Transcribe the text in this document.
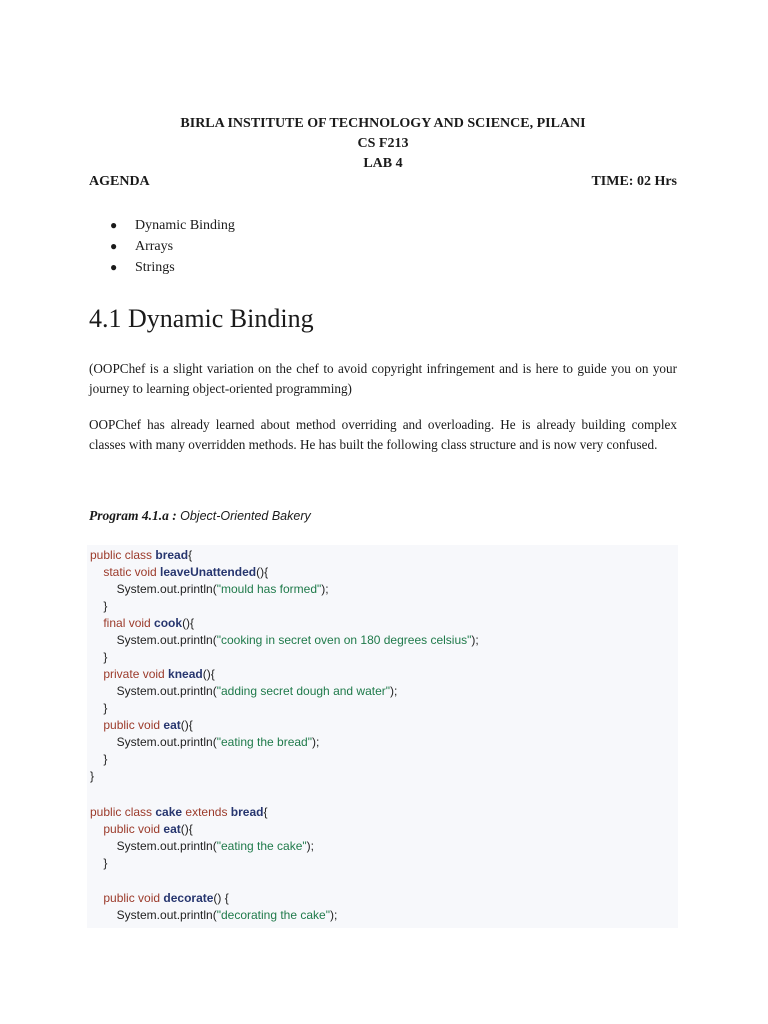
BIRLA INSTITUTE OF TECHNOLOGY AND SCIENCE, PILANI
CS F213
LAB 4
AGENDA	TIME: 02 Hrs
● Dynamic Binding
● Arrays
● Strings
4.1 Dynamic Binding

(OOPChef is a slight variation on the chef to avoid copyright infringement and is here to guide you on your journey to learning object-oriented programming)

OOPChef has already learned about method overriding and overloading. He is already building complex classes with many overridden methods. He has built the following class structure and is now very confused.

Program 4.1.a : Object-Oriented Bakery
public class bread{
static void leaveUnattended(){
System.out.println("mould has formed");
}
final void cook(){
System.out.println("cooking in secret oven on 180 degrees celsius");
}
private void knead(){
System.out.println("adding secret dough and water");
}
public void eat(){
System.out.println("eating the bread");
}
}
public class cake extends bread{
public void eat(){
System.out.println("eating the cake");
}
public void decorate() {
System.out.println("decorating the cake");
